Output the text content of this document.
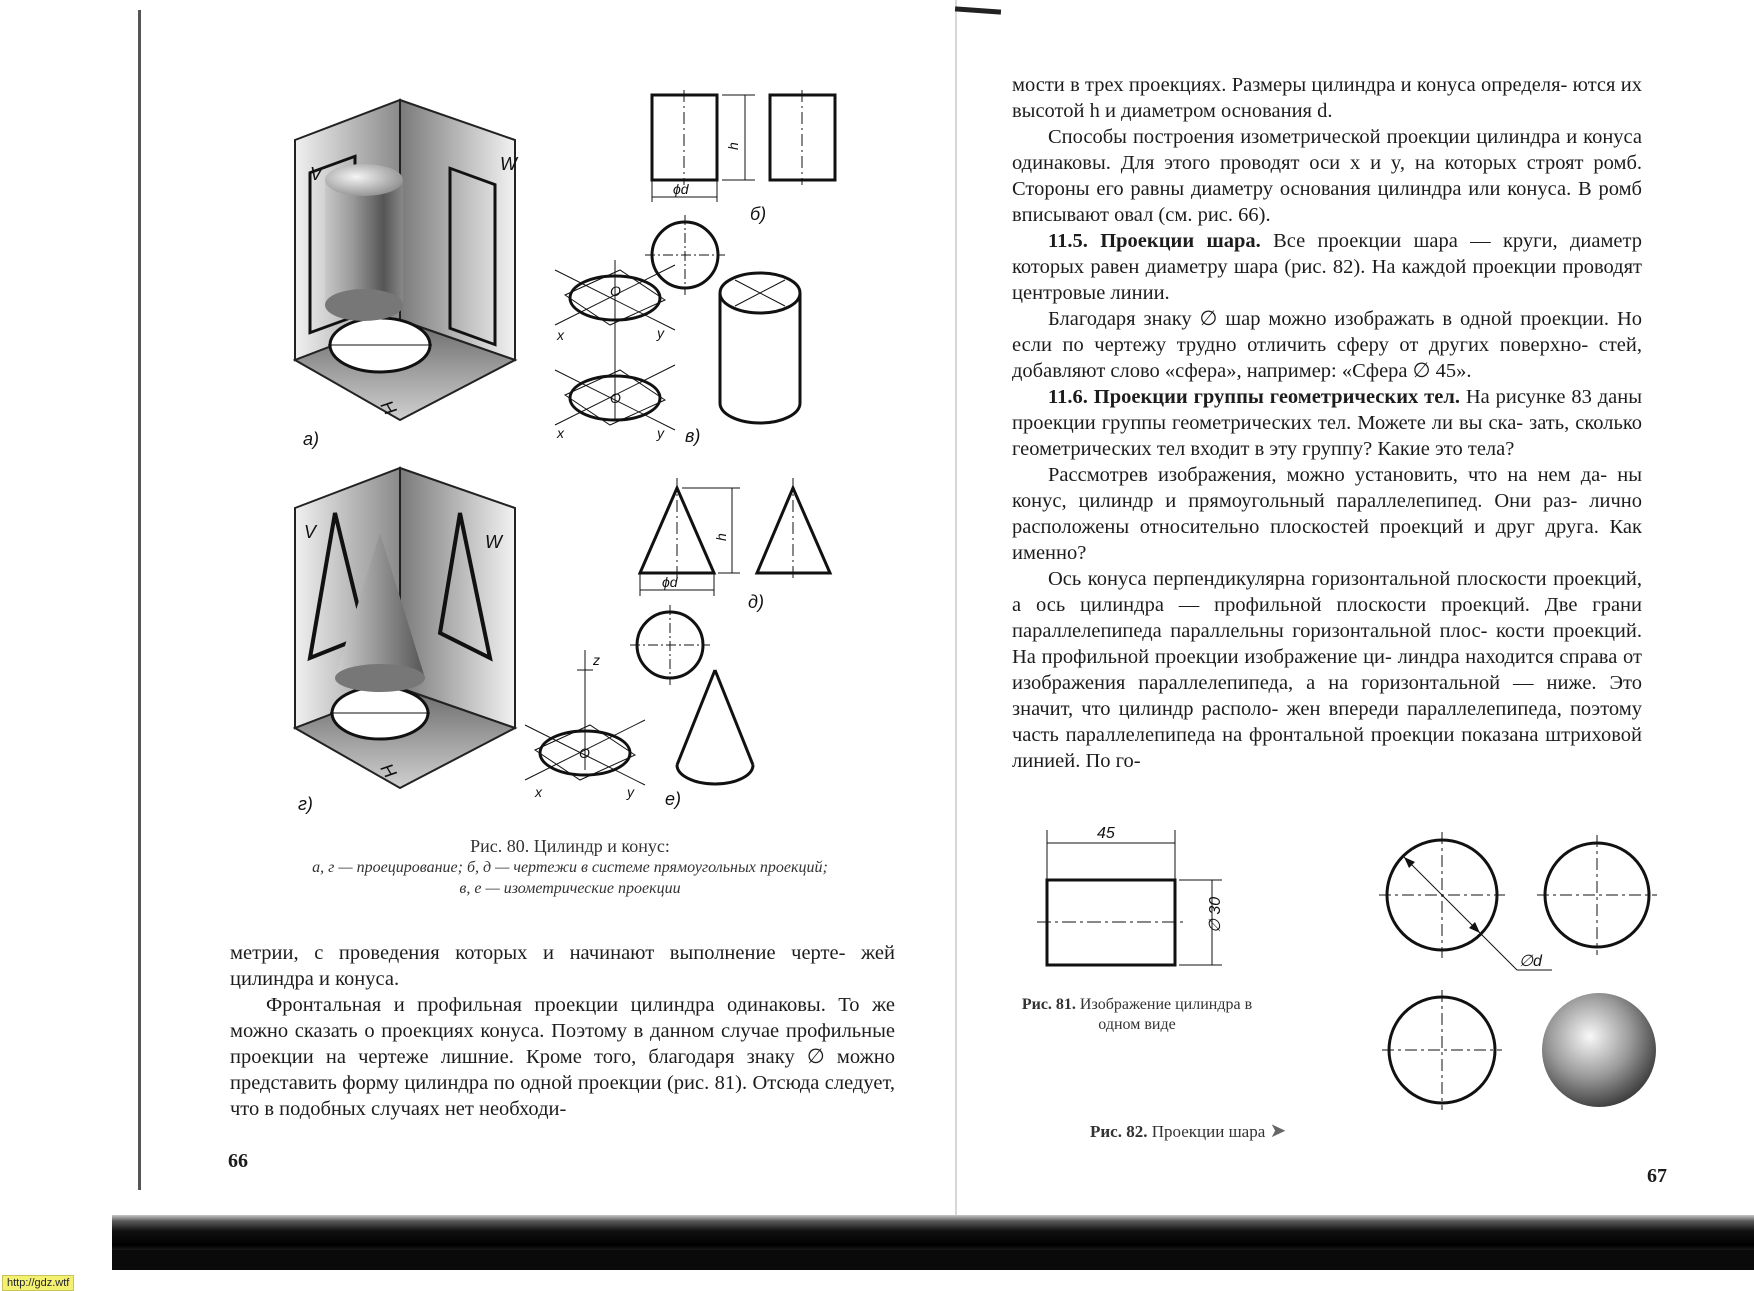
V	W
H
а)
h
ϕd
б)
O
O
x	y
x	y в)
V	W
H
г)
h
ϕd
д)
z
O
x	y е)
Рис. 80. Цилиндр и конус:
а, г — проецирование; б, д — чертежи в системе прямоугольных проекций;
в, е — изометрические проекции

метрии, с проведения которых и начинают выполнение черте- жей цилиндра и конуса.

Фронтальная и профильная проекции цилиндра одинаковы. То же можно сказать о проекциях конуса. Поэтому в данном случае профильные проекции на чертеже лишние. Кроме того, благодаря знаку ∅ можно представить форму цилиндра по одной проекции (рис. 81). Отсюда следует, что в подобных случаях нет необходи-

66

мости в трех проекциях. Размеры цилиндра и конуса определя- ются их высотой h и диаметром основания d.

Способы построения изометрической проекции цилиндра и конуса одинаковы. Для этого проводят оси x и y, на которых строят ромб. Стороны его равны диаметру основания цилиндра или конуса. В ромб вписывают овал (см. рис. 66).

11.5. Проекции шара. Все проекции шара — круги, диаметр которых равен диаметру шара (рис. 82). На каждой проекции проводят центровые линии.

Благодаря знаку ∅ шар можно изображать в одной проекции. Но если по чертежу трудно отличить сферу от других поверхно- стей, добавляют слово «сфера», например: «Сфера ∅ 45».

11.6. Проекции группы геометрических тел. На рисунке 83 даны проекции группы геометрических тел. Можете ли вы ска- зать, сколько геометрических тел входит в эту группу? Какие это тела?

Рассмотрев изображения, можно установить, что на нем да- ны конус, цилиндр и прямоугольный параллелепипед. Они раз- лично расположены относительно плоскостей проекций и друг друга. Как именно?

Ось конуса перпендикулярна горизонтальной плоскости проекций, а ось цилиндра — профильной плоскости проекций. Две грани параллелепипеда параллельны горизонтальной плос- кости проекций. На профильной проекции изображение ци- линдра находится справа от изображения параллелепипеда, а на горизонтальной — ниже. Это значит, что цилиндр располо- жен впереди параллелепипеда, поэтому часть параллелепипеда на фронтальной проекции показана штриховой линией. По го-

45
∅ 30
Рис. 81. Изображение цилиндра в одном виде
∅d
Рис. 82. Проекции шара ➤
67
http://gdz.wtf
